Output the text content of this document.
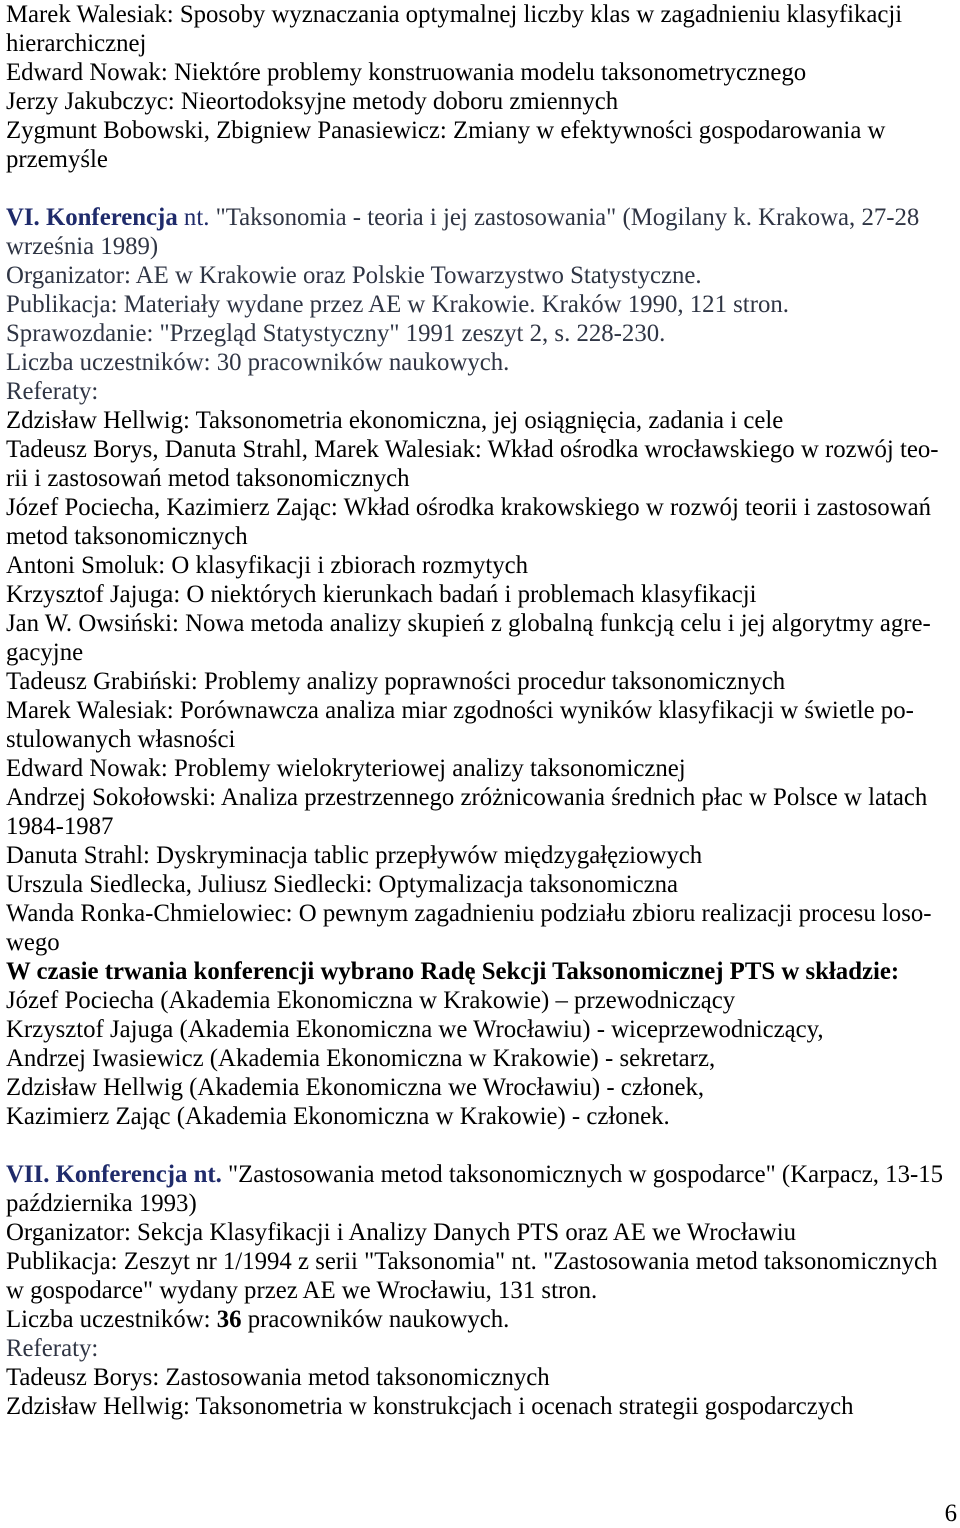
Marek Walesiak: Sposoby wyznaczania optymalnej liczby klas w zagadnieniu klasyfikacji
hierarchicznej
Edward Nowak: Niektóre problemy konstruowania modelu taksonometrycznego
Jerzy Jakubczyc: Nieortodoksyjne metody doboru zmiennych
Zygmunt Bobowski, Zbigniew Panasiewicz: Zmiany w efektywności gospodarowania w
przemyśle
VI. Konferencja nt. "Taksonomia - teoria i jej zastosowania" (Mogilany k. Krakowa, 27-28
września 1989)
Organizator: AE w Krakowie oraz Polskie Towarzystwo Statystyczne.
Publikacja: Materiały wydane przez AE w Krakowie. Kraków 1990, 121 stron.
Sprawozdanie: "Przegląd Statystyczny" 1991 zeszyt 2, s. 228-230.
Liczba uczestników: 30 pracowników naukowych.
Referaty:
Zdzisław Hellwig: Taksonometria ekonomiczna, jej osiągnięcia, zadania i cele
Tadeusz Borys, Danuta Strahl, Marek Walesiak: Wkład ośrodka wrocławskiego w rozwój teo-
rii i zastosowań metod taksonomicznych
Józef Pociecha, Kazimierz Zając: Wkład ośrodka krakowskiego w rozwój teorii i zastosowań
metod taksonomicznych
Antoni Smoluk: O klasyfikacji i zbiorach rozmytych
Krzysztof Jajuga: O niektórych kierunkach badań i problemach klasyfikacji
Jan W. Owsiński: Nowa metoda analizy skupień z globalną funkcją celu i jej algorytmy agre-
gacyjne
Tadeusz Grabiński: Problemy analizy poprawności procedur taksonomicznych
Marek Walesiak: Porównawcza analiza miar zgodności wyników klasyfikacji w świetle po-
stulowanych własności
Edward Nowak: Problemy wielokryteriowej analizy taksonomicznej
Andrzej Sokołowski: Analiza przestrzennego zróżnicowania średnich płac w Polsce w latach
1984-1987
Danuta Strahl: Dyskryminacja tablic przepływów międzygałęziowych
Urszula Siedlecka, Juliusz Siedlecki: Optymalizacja taksonomiczna
Wanda Ronka-Chmielowiec: O pewnym zagadnieniu podziału zbioru realizacji procesu loso-
wego
W czasie trwania konferencji wybrano Radę Sekcji Taksonomicznej PTS w składzie:
Józef Pociecha (Akademia Ekonomiczna w Krakowie) – przewodniczący
Krzysztof Jajuga (Akademia Ekonomiczna we Wrocławiu) - wiceprzewodniczący,
Andrzej Iwasiewicz (Akademia Ekonomiczna w Krakowie) - sekretarz,
Zdzisław Hellwig (Akademia Ekonomiczna we Wrocławiu) - członek,
Kazimierz Zając (Akademia Ekonomiczna w Krakowie) - członek.
VII. Konferencja nt. "Zastosowania metod taksonomicznych w gospodarce" (Karpacz, 13-15
października 1993)
Organizator: Sekcja Klasyfikacji i Analizy Danych PTS oraz AE we Wrocławiu
Publikacja: Zeszyt nr 1/1994 z serii "Taksonomia" nt. "Zastosowania metod taksonomicznych
w gospodarce" wydany przez AE we Wrocławiu, 131 stron.
Liczba uczestników: 36 pracowników naukowych.
Referaty:
Tadeusz Borys: Zastosowania metod taksonomicznych
Zdzisław Hellwig: Taksonometria w konstrukcjach i ocenach strategii gospodarczych
6
